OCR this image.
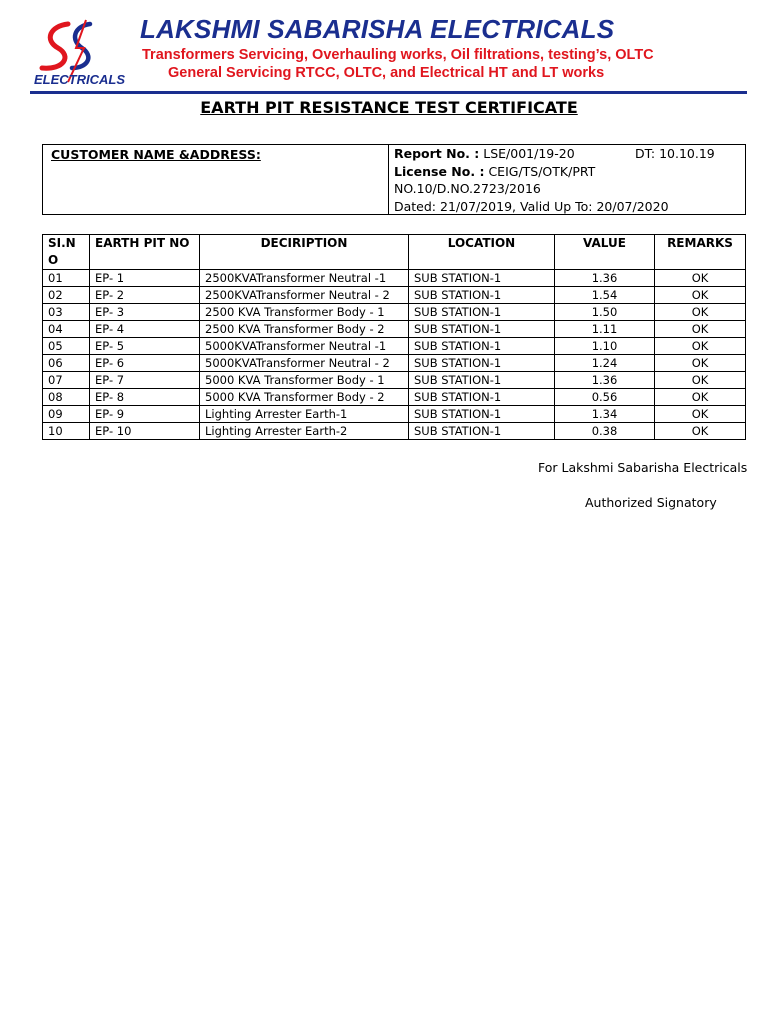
ELECTRICALS
LAKSHMI SABARISHA ELECTRICALS
Transformers Servicing, Overhauling works, Oil filtrations, testing’s, OLTC
General Servicing RTCC, OLTC, and Electrical HT and LT works
EARTH PIT RESISTANCE TEST CERTIFICATE
CUSTOMER NAME &ADDRESS:	Report No. : LSE/001/19-20	DT: 10.10.19
License No. : CEIG/TS/OTK/PRT
NO.10/D.NO.2723/2016
Dated: 21/07/2019, Valid Up To: 20/07/2020
SI.NO	EARTH PIT NO	DECIRIPTION	LOCATION	VALUE	REMARKS
01	EP- 1	2500KVATransformer Neutral -1	SUB STATION-1	1.36	OK
02	EP- 2	2500KVATransformer Neutral - 2	SUB STATION-1	1.54	OK
03	EP- 3	2500 KVA Transformer Body - 1	SUB STATION-1	1.50	OK
04	EP- 4	2500 KVA Transformer Body - 2	SUB STATION-1	1.11	OK
05	EP- 5	5000KVATransformer Neutral -1	SUB STATION-1	1.10	OK
06	EP- 6	5000KVATransformer Neutral - 2	SUB STATION-1	1.24	OK
07	EP- 7	5000 KVA Transformer Body - 1	SUB STATION-1	1.36	OK
08	EP- 8	5000 KVA Transformer Body - 2	SUB STATION-1	0.56	OK
09	EP- 9	Lighting Arrester Earth-1	SUB STATION-1	1.34	OK
10	EP- 10	Lighting Arrester Earth-2	SUB STATION-1	0.38	OK
For Lakshmi Sabarisha Electricals
Authorized Signatory
